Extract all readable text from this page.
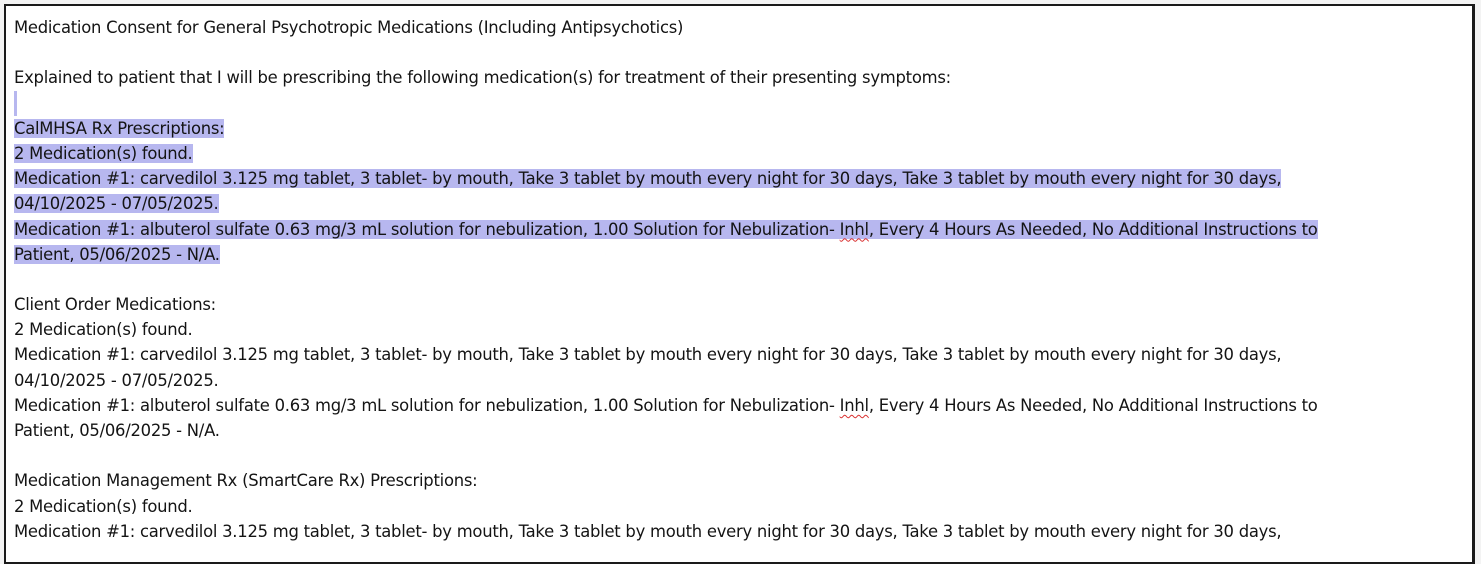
Medication Consent for General Psychotropic Medications (Including Antipsychotics)
Explained to patient that I will be prescribing the following medication(s) for treatment of their presenting symptoms:
CalMHSA Rx Prescriptions:
2 Medication(s) found.
Medication #1: carvedilol 3.125 mg tablet, 3 tablet- by mouth, Take 3 tablet by mouth every night for 30 days, Take 3 tablet by mouth every night for 30 days,
04/10/2025 - 07/05/2025.
Medication #1: albuterol sulfate 0.63 mg/3 mL solution for nebulization, 1.00 Solution for Nebulization- Inhl, Every 4 Hours As Needed, No Additional Instructions to
Patient, 05/06/2025 - N/A.
Client Order Medications:
2 Medication(s) found.
Medication #1: carvedilol 3.125 mg tablet, 3 tablet- by mouth, Take 3 tablet by mouth every night for 30 days, Take 3 tablet by mouth every night for 30 days,
04/10/2025 - 07/05/2025.
Medication #1: albuterol sulfate 0.63 mg/3 mL solution for nebulization, 1.00 Solution for Nebulization- Inhl, Every 4 Hours As Needed, No Additional Instructions to
Patient, 05/06/2025 - N/A.
Medication Management Rx (SmartCare Rx) Prescriptions:
2 Medication(s) found.
Medication #1: carvedilol 3.125 mg tablet, 3 tablet- by mouth, Take 3 tablet by mouth every night for 30 days, Take 3 tablet by mouth every night for 30 days,
